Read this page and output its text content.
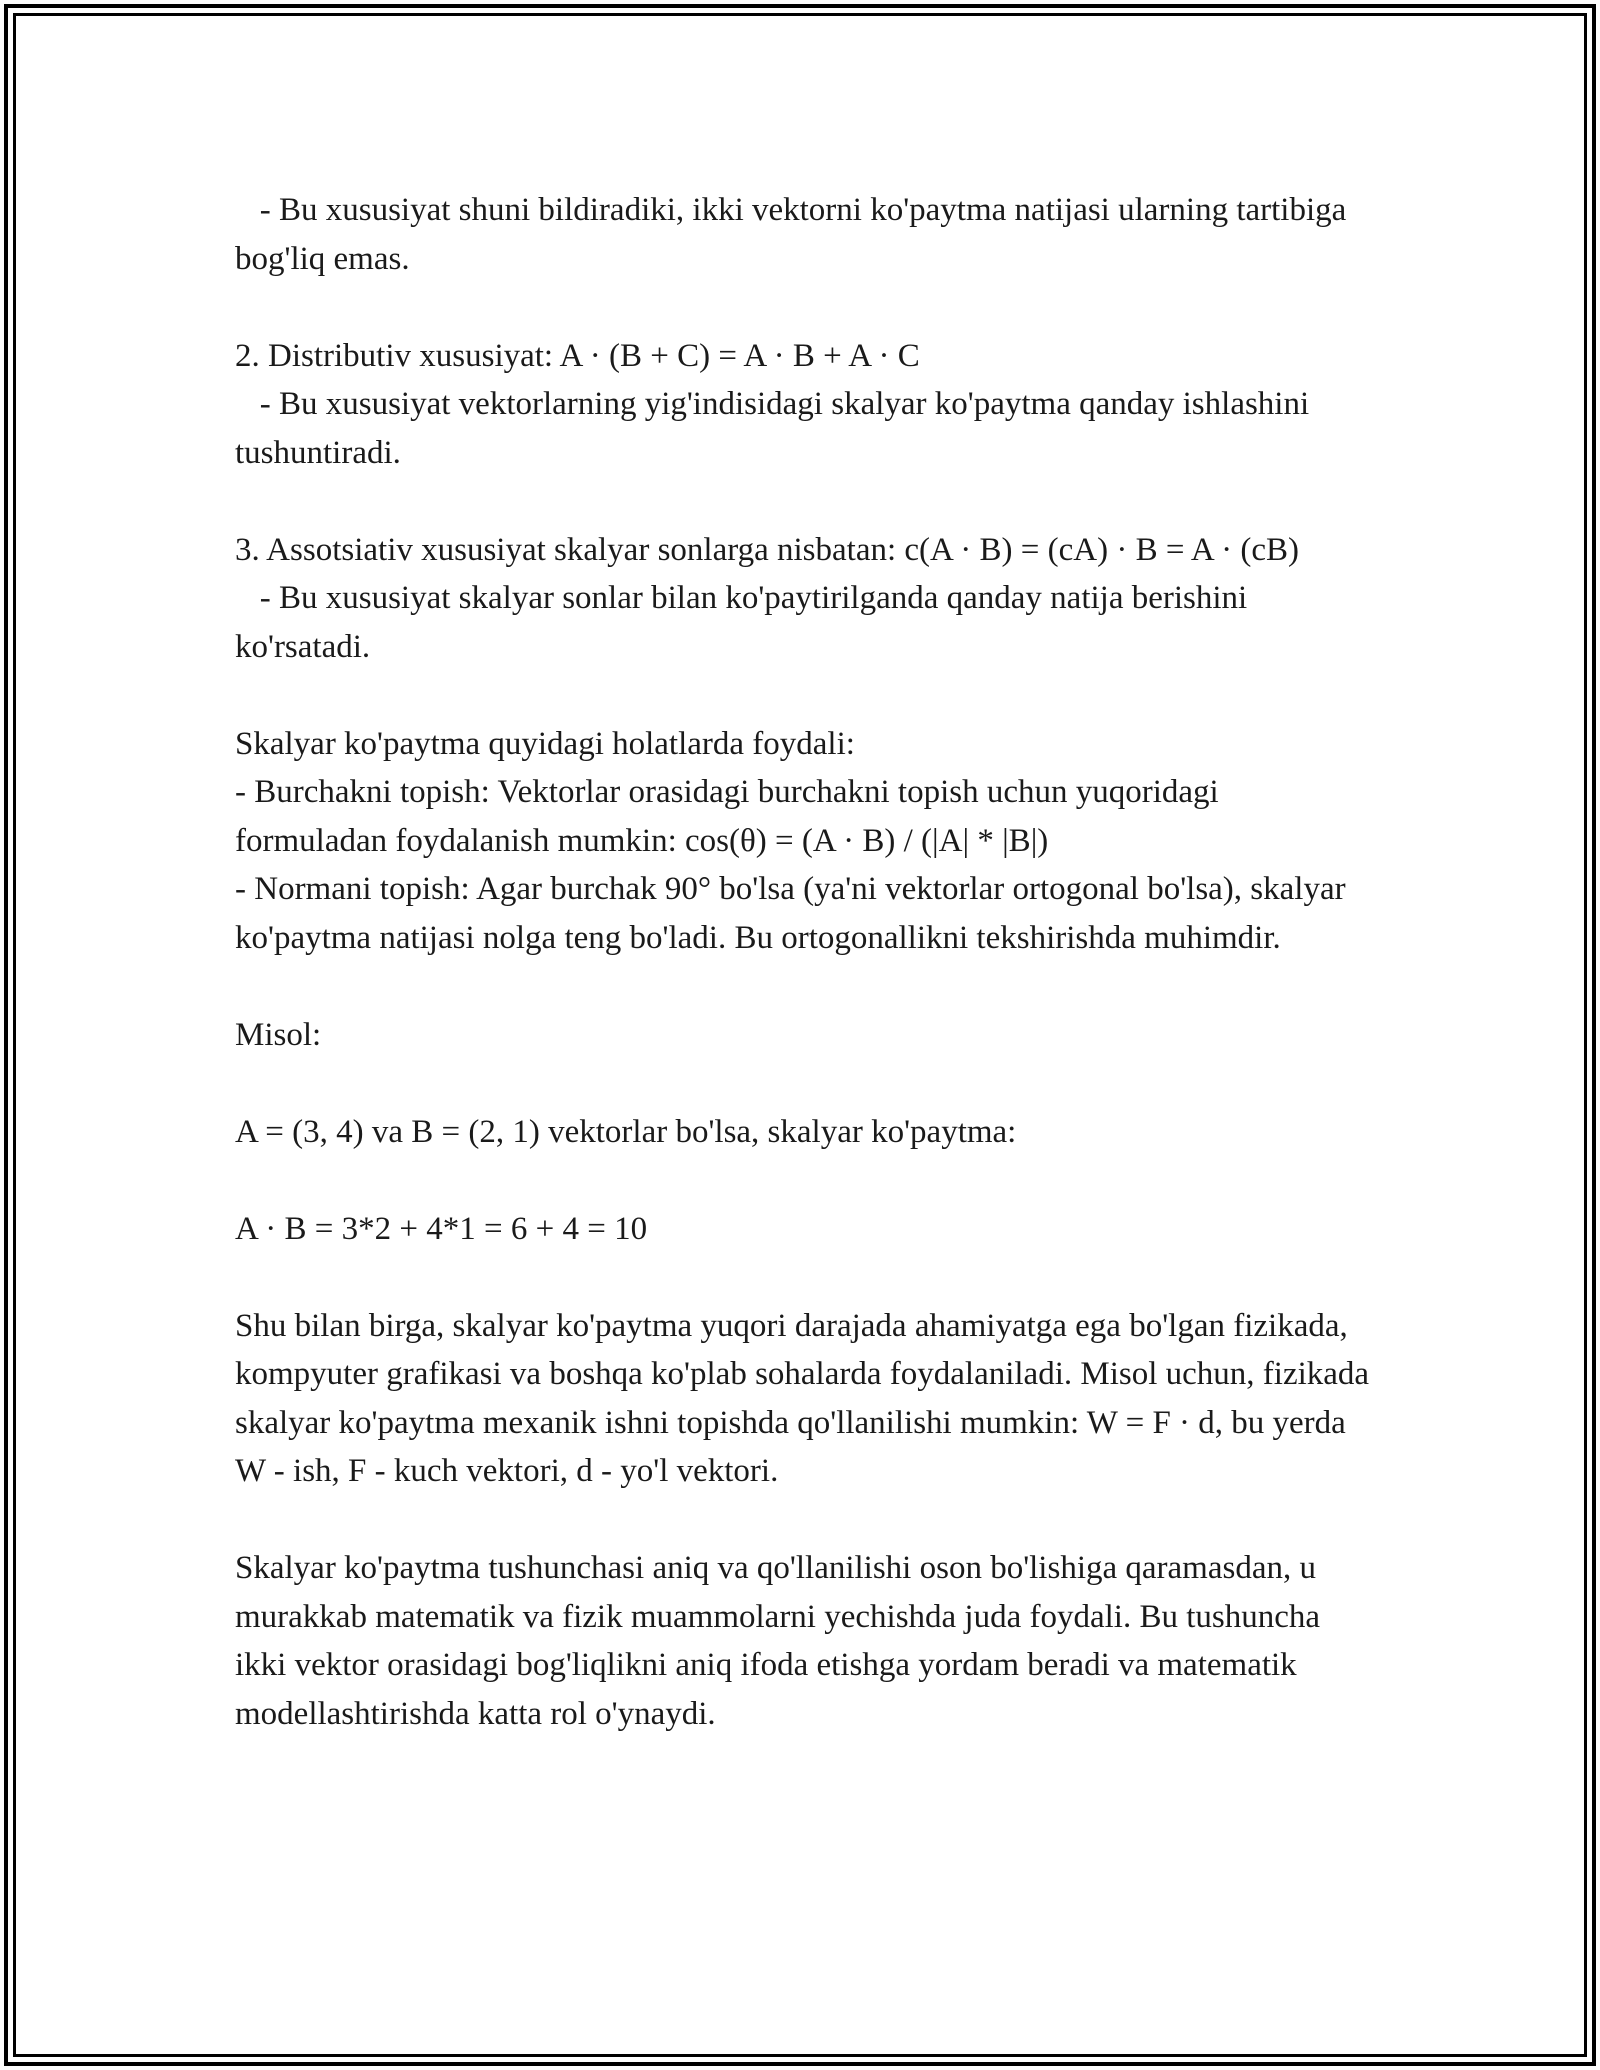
- Bu xususiyat shuni bildiradiki, ikki vektorni ko'paytma natijasi ularning tartibiga bog'liq emas.

2. Distributiv xususiyat: A · (B + C) = A · B + A · C
- Bu xususiyat vektorlarning yig'indisidagi skalyar ko'paytma qanday ishlashini tushuntiradi.

3. Assotsiativ xususiyat skalyar sonlarga nisbatan: c(A · B) = (cA) · B = A · (cB)
- Bu xususiyat skalyar sonlar bilan ko'paytirilganda qanday natija berishini ko'rsatadi.

Skalyar ko'paytma quyidagi holatlarda foydali:
- Burchakni topish: Vektorlar orasidagi burchakni topish uchun yuqoridagi formuladan foydalanish mumkin: cos(θ) = (A · B) / (|A| * |B|)
- Normani topish: Agar burchak 90° bo'lsa (ya'ni vektorlar ortogonal bo'lsa), skalyar ko'paytma natijasi nolga teng bo'ladi. Bu ortogonallikni tekshirishda muhimdir.

Misol:

A = (3, 4) va B = (2, 1) vektorlar bo'lsa, skalyar ko'paytma:

A · B = 3*2 + 4*1 = 6 + 4 = 10

Shu bilan birga, skalyar ko'paytma yuqori darajada ahamiyatga ega bo'lgan fizikada, kompyuter grafikasi va boshqa ko'plab sohalarda foydalaniladi. Misol uchun, fizikada skalyar ko'paytma mexanik ishni topishda qo'llanilishi mumkin: W = F · d, bu yerda W - ish, F - kuch vektori, d - yo'l vektori.

Skalyar ko'paytma tushunchasi aniq va qo'llanilishi oson bo'lishiga qaramasdan, u murakkab matematik va fizik muammolarni yechishda juda foydali. Bu tushuncha ikki vektor orasidagi bog'liqlikni aniq ifoda etishga yordam beradi va matematik modellashtirishda katta rol o'ynaydi.
